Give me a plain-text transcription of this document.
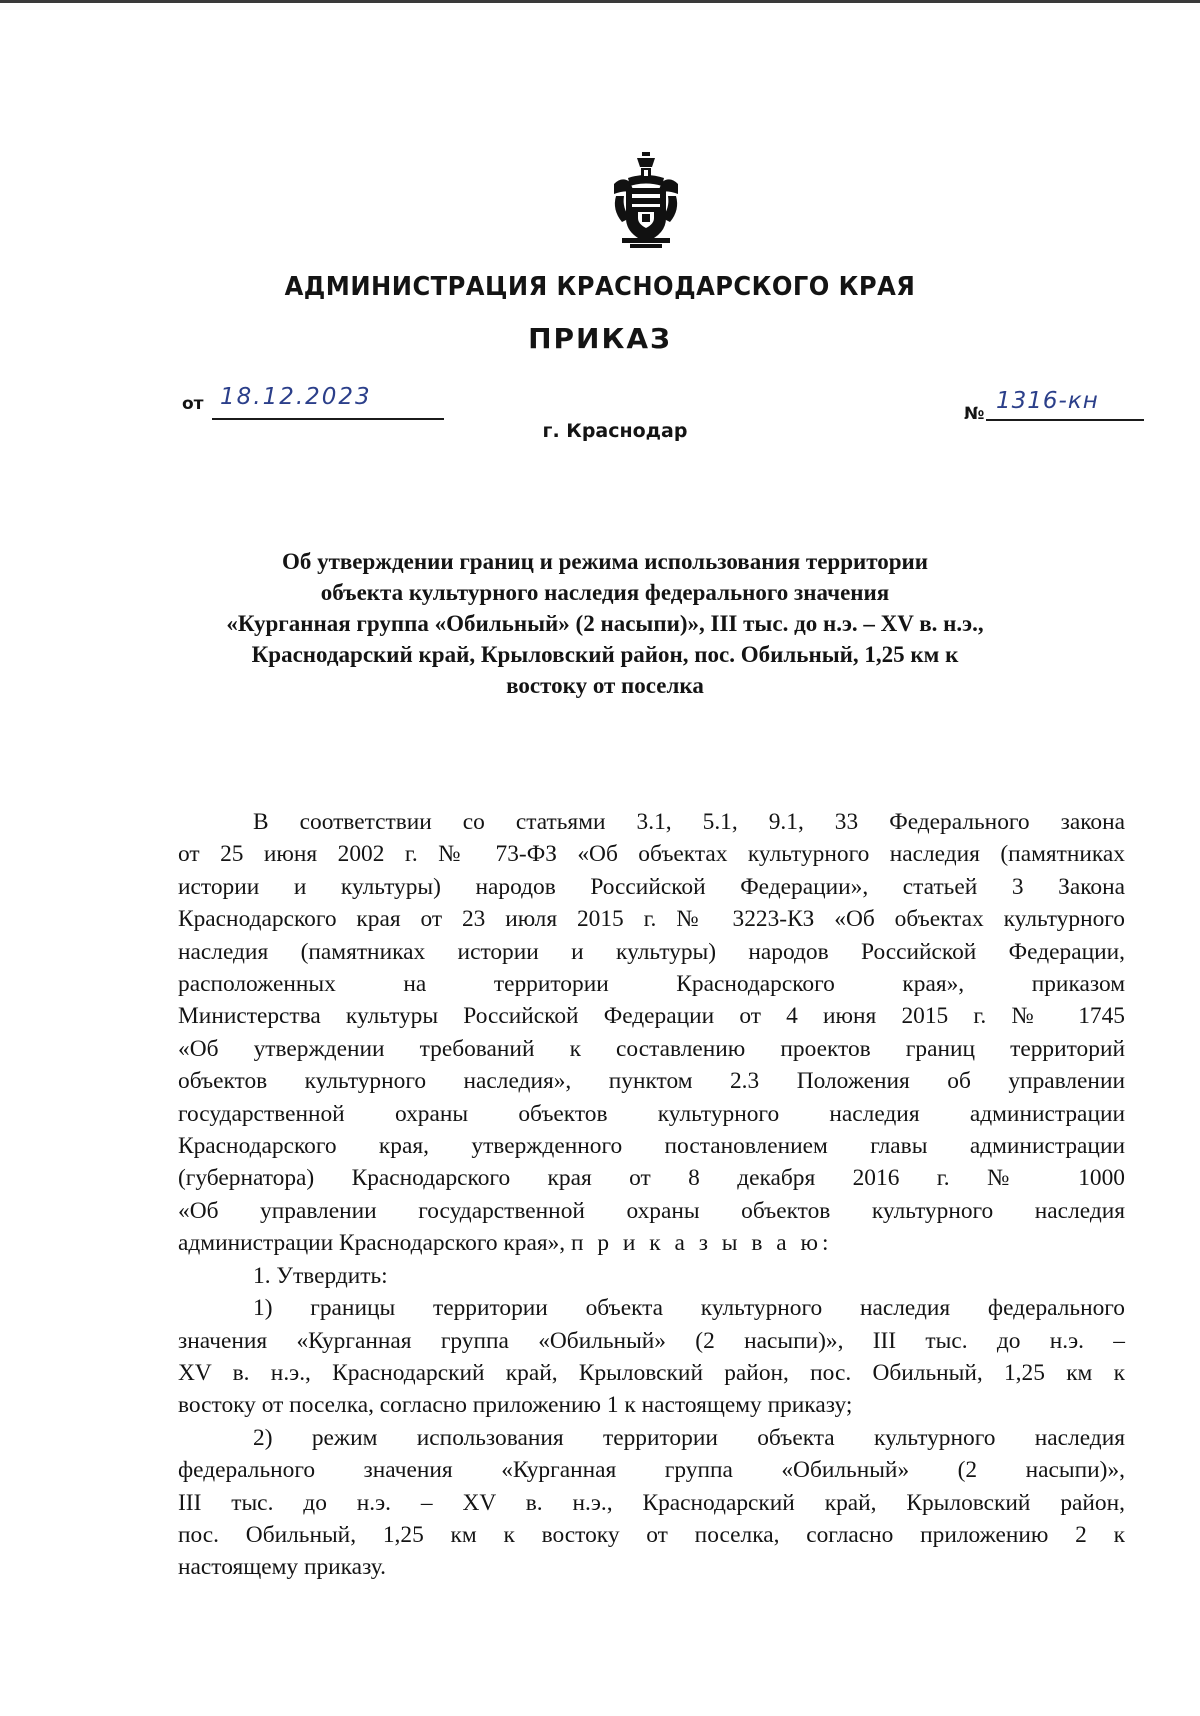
АДМИНИСТРАЦИЯ КРАСНОДАРСКОГО КРАЯ
ПРИКАЗ
от 18.12.2023
г. Краснодар
№ 1316-кн
Об утверждении границ и режима использования территории
объекта культурного наследия федерального значения
«Курганная группа «Обильный» (2 насыпи)», III тыс. до н.э. – XV в. н.э.,
Краснодарский край, Крыловский район, пос. Обильный, 1,25 км к
востоку от поселка
В соответствии со статьями 3.1, 5.1, 9.1, 33 Федерального закона
от 25 июня 2002 г. № 73-ФЗ «Об объектах культурного наследия (памятниках
истории и культуры) народов Российской Федерации», статьей 3 Закона
Краснодарского края от 23 июля 2015 г. № 3223-КЗ «Об объектах культурного
наследия (памятниках истории и культуры) народов Российской Федерации,
расположенных на территории Краснодарского края», приказом
Министерства культуры Российской Федерации от 4 июня 2015 г. № 1745
«Об утверждении требований к составлению проектов границ территорий
объектов культурного наследия», пунктом 2.3 Положения об управлении
государственной охраны объектов культурного наследия администрации
Краснодарского края, утвержденного постановлением главы администрации
(губернатора) Краснодарского края от 8 декабря 2016 г. № 1000
«Об управлении государственной охраны объектов культурного наследия
администрации Краснодарского края», п р и к а з ы в а ю:
1. Утвердить:
1) границы территории объекта культурного наследия федерального
значения «Курганная группа «Обильный» (2 насыпи)», III тыс. до н.э. –
XV в. н.э., Краснодарский край, Крыловский район, пос. Обильный, 1,25 км к
востоку от поселка, согласно приложению 1 к настоящему приказу;
2) режим использования территории объекта культурного наследия
федерального значения «Курганная группа «Обильный» (2 насыпи)»,
III тыс. до н.э. – XV в. н.э., Краснодарский край, Крыловский район,
пос. Обильный, 1,25 км к востоку от поселка, согласно приложению 2 к
настоящему приказу.
